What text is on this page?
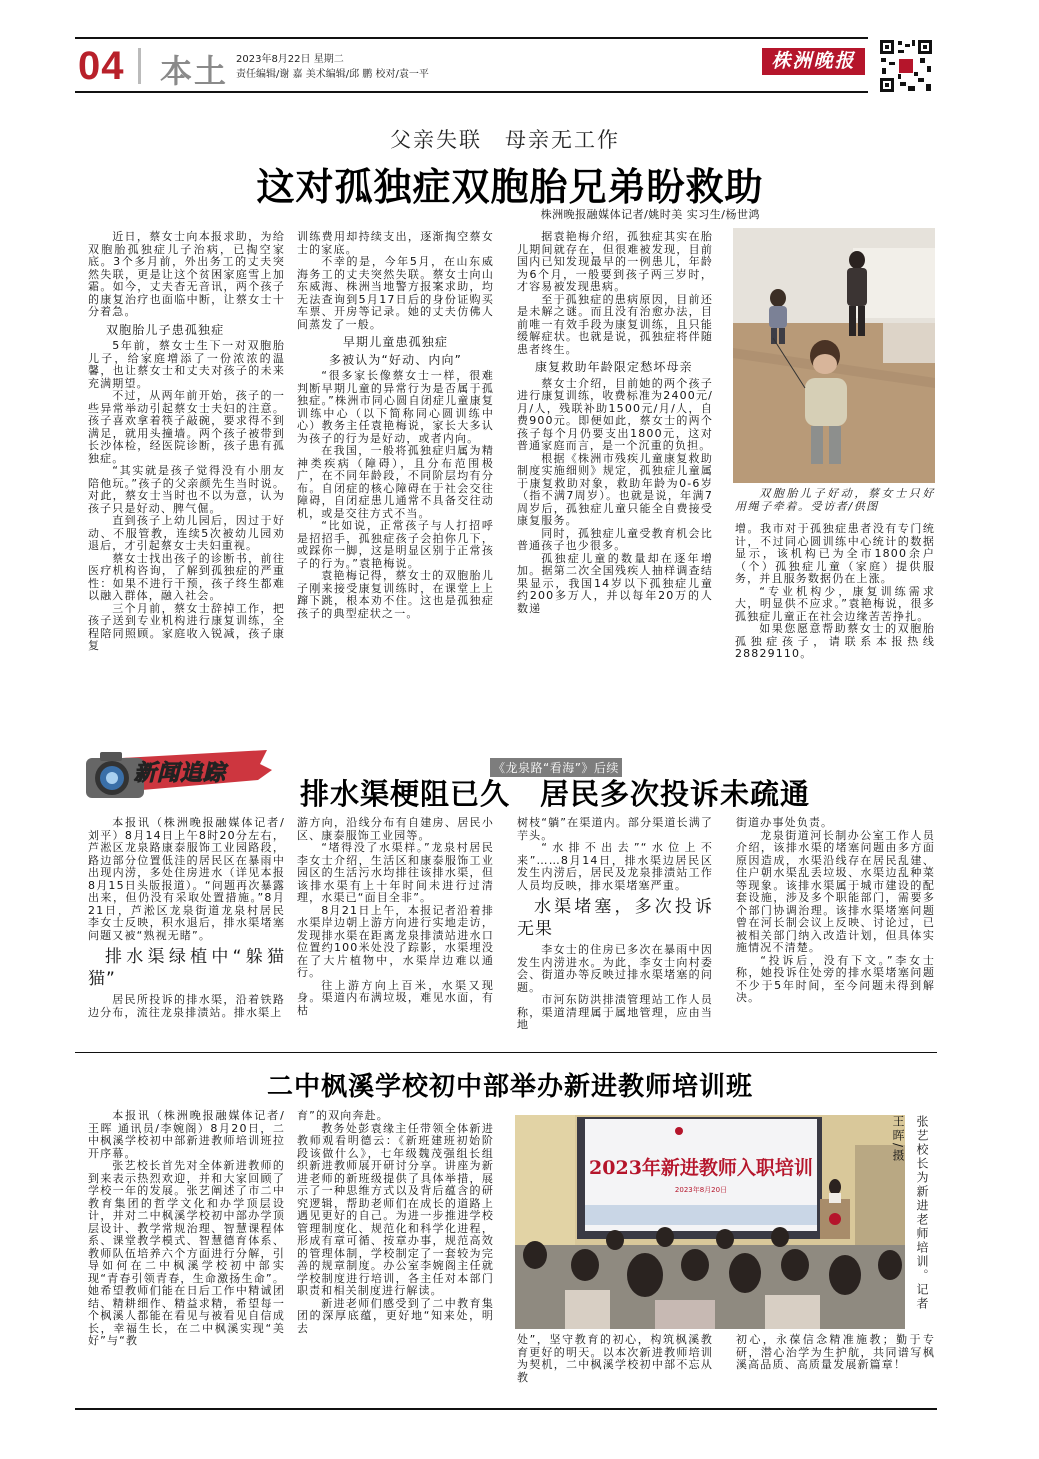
04 本土 2023年8月22日 星期二
责任编辑/谢 嘉 美术编辑/邱 鹏 校对/袁一平
株洲晚报
父亲失联　母亲无工作
这对孤独症双胞胎兄弟盼救助
株洲晚报融媒体记者/姚时美 实习生/杨世鸿

近日，蔡女士向本报求助，为给双胞胎孤独症儿子治病，已掏空家底。3个多月前，外出务工的丈夫突然失联，更是让这个贫困家庭雪上加霜。如今，丈夫杳无音讯，两个孩子的康复治疗也面临中断，让蔡女士十分着急。

双胞胎儿子患孤独症

5年前，蔡女士生下一对双胞胎儿子，给家庭增添了一份浓浓的温馨，也让蔡女士和丈夫对孩子的未来充满期望。

不过，从两年前开始，孩子的一些异常举动引起蔡女士夫妇的注意。孩子喜欢拿着筷子敲碗，要求得不到满足，就用头撞墙。两个孩子被带到长沙体检，经医院诊断，孩子患有孤独症。

“其实就是孩子觉得没有小朋友陪他玩。”孩子的父亲颜先生当时说。对此，蔡女士当时也不以为意，认为孩子只是好动、脾气倔。

直到孩子上幼儿园后，因过于好动、不服管教，连续5次被幼儿园劝退后，才引起蔡女士夫妇重视。

蔡女士找出孩子的诊断书，前往医疗机构咨询，了解到孤独症的严重性：如果不进行干预，孩子终生都难以融入群体，融入社会。

三个月前，蔡女士辞掉工作，把孩子送到专业机构进行康复训练，全程陪同照顾。家庭收入锐减，孩子康复

训练费用却持续支出，逐渐掏空蔡女士的家底。

不幸的是，今年5月，在山东威海务工的丈夫突然失联。蔡女士向山东威海、株洲当地警方报案求助，均无法查询到5月17日后的身份证购买车票、开房等记录。她的丈夫仿佛人间蒸发了一般。

早期儿童患孤独症

多被认为“好动、内向”

“很多家长像蔡女士一样，很难判断早期儿童的异常行为是否属于孤独症。”株洲市同心圆自闭症儿童康复训练中心（以下简称同心圆训练中心）教务主任袁艳梅说，家长大多认为孩子的行为是好动，或者内向。

在我国，一般将孤独症归属为精神类疾病（障碍），且分布范围极广，在不同年龄段，不同阶层均有分布。自闭症的核心障碍在于社会交往障碍，自闭症患儿通常不具备交往动机，或是交往方式不当。

“比如说，正常孩子与人打招呼是招招手，孤独症孩子会拍你几下，或踩你一脚，这是明显区别于正常孩子的行为。”袁艳梅说。

袁艳梅记得，蔡女士的双胞胎儿子刚来接受康复训练时，在课堂上上蹿下跳，根本劝不住。这也是孤独症孩子的典型症状之一。

据袁艳梅介绍，孤独症其实在胎儿期间就存在，但很难被发现，目前国内已知发现最早的一例患儿，年龄为6个月，一般要到孩子两三岁时，才容易被发现患病。

至于孤独症的患病原因，目前还是未解之谜。而且没有治愈办法，目前唯一有效手段为康复训练，且只能缓解症状。也就是说，孤独症将伴随患者终生。

康复救助年龄限定愁坏母亲

蔡女士介绍，目前她的两个孩子进行康复训练，收费标准为2400元/月/人，残联补助1500元/月/人，自费900元。即便如此，蔡女士的两个孩子每个月仍要支出1800元，这对普通家庭而言，是一个沉重的负担。

根据《株洲市残疾儿童康复救助制度实施细则》规定，孤独症儿童属于康复救助对象，救助年龄为0-6岁（指不满7周岁）。也就是说，年满7周岁后，孤独症儿童只能全自费接受康复服务。

同时，孤独症儿童受教育机会比普通孩子也少很多。

孤独症儿童的数量却在逐年增加。据第二次全国残疾人抽样调查结果显示，我国14岁以下孤独症儿童约200多万人，并以每年20万的人数递

双胞胎儿子好动，蔡女士只好用绳子牵着。受访者/供图

增。我市对于孤独症患者没有专门统计，不过同心圆训练中心统计的数据显示，该机构已为全市1800余户（个）孤独症儿童（家庭）提供服务，并且服务数据仍在上涨。

“专业机构少，康复训练需求大，明显供不应求。”袁艳梅说，很多孤独症儿童正在社会边缘苦苦挣扎。

如果您愿意帮助蔡女士的双胞胎孤独症孩子，请联系本报热线28829110。

新闻追踪	《龙泉路“看海”》后续
排水渠梗阻已久　居民多次投诉未疏通

本报讯（株洲晚报融媒体记者/刘平）8月14日上午8时20分左右，芦淞区龙泉路康泰服饰工业园路段，路边部分位置低洼的居民区在暴雨中出现内涝，多处住房进水（详见本报8月15日头版报道）。“问题再次暴露出来，但仍没有采取处置措施。”8月21日，芦淞区龙泉街道龙泉村居民李女士反映，积水退后，排水渠堵塞问题又被“熟视无睹”。

排水渠绿植中“躲猫猫”

居民所投诉的排水渠，沿着铁路边分布，流往龙泉排渍站。排水渠上

游方向，沿线分布有自建房、居民小区、康泰服饰工业园等。

“堵得没了水渠样。”龙泉村居民李女士介绍，生活区和康泰服饰工业园区的生活污水均排往该排水渠，但该排水渠有上十年时间未进行过清理，水渠已“面目全非”。

8月21日上午，本报记者沿着排水渠岸边朝上游方向进行实地走访，发现排水渠在距离龙泉排渍站进水口位置约100米处没了踪影，水渠埋没在了大片植物中，水渠岸边难以通行。

往上游方向上百米，水渠又现身。渠道内布满垃圾，难见水面，有枯

树枝“躺”在渠道内。部分渠道长满了芋头。

“水排不出去”“水位上不来”……8月14日，排水渠边居民区发生内涝后，居民及龙泉排渍站工作人员均反映，排水渠堵塞严重。

水渠堵塞，多次投诉无果

李女士的住房已多次在暴雨中因发生内涝进水。为此，李女士向村委会、街道办等反映过排水渠堵塞的问题。

市河东防洪排渍管理站工作人员称，渠道清理属于属地管理，应由当地

街道办事处负责。

龙泉街道河长制办公室工作人员介绍，该排水渠的堵塞问题由多方面原因造成，水渠沿线存在居民乱建、住户朝水渠乱丢垃圾、水渠边乱种菜等现象。该排水渠属于城市建设的配套设施，涉及多个职能部门，需要多个部门协调治理。该排水渠堵塞问题曾在河长制会议上反映、讨论过，已被相关部门纳入改造计划，但具体实施情况不清楚。

“投诉后，没有下文。”李女士称，她投诉住处旁的排水渠堵塞问题不少于5年时间，至今问题未得到解决。

二中枫溪学校初中部举办新进教师培训班

本报讯（株洲晚报融媒体记者/王晖 通讯员/李婉阁）8月20日，二中枫溪学校初中部新进教师培训班拉开序幕。

张艺校长首先对全体新进教师的到来表示热烈欢迎，并和大家回顾了学校一年的发展。张艺阐述了市二中教育集团的哲学文化和办学顶层设计，并对二中枫溪学校初中部办学顶层设计、教学常规治理、智慧课程体系、课堂教学模式、智慧德育体系、教师队伍培养六个方面进行分解，引导如何在二中枫溪学校初中部实现“青春引领青春，生命激扬生命”。她希望教师们能在日后工作中精诚团结、精耕细作、精益求精，希望每一个枫溪人都能在看见与被看见自信成长，幸福生长，在二中枫溪实现“美好”与“教

育”的双向奔赴。

教务处彭袁缘主任带领全体新进教师观看明德云：《新班建班初始阶段该做什么》，七年级魏茂强组长组织新进教师展开研讨分享。讲座为新进老师的新班级提供了具体举措，展示了一种思维方式以及背后蕴含的研究逻辑，帮助老师们在成长的道路上遇见更好的自己。为进一步推进学校管理制度化、规范化和科学化进程，形成有章可循、按章办事，规范高效的管理体制，学校制定了一套较为完善的规章制度。办公室李婉阁主任就学校制度进行培训，各主任对本部门职责和相关制度进行解读。

新进老师们感受到了二中教育集团的深厚底蕴，更好地“知来处，明去

2023年新进教师入职培训
2023年8月20日	张艺校长为新进老师培训。记者 王晖/摄

处”，坚守教育的初心，构筑枫溪教育更好的明天。以本次新进教师培训为契机，二中枫溪学校初中部不忘从教

初心，永葆信念精准施教；勤于专研，潜心治学为生护航，共同谱写枫溪高品质、高质量发展新篇章！
